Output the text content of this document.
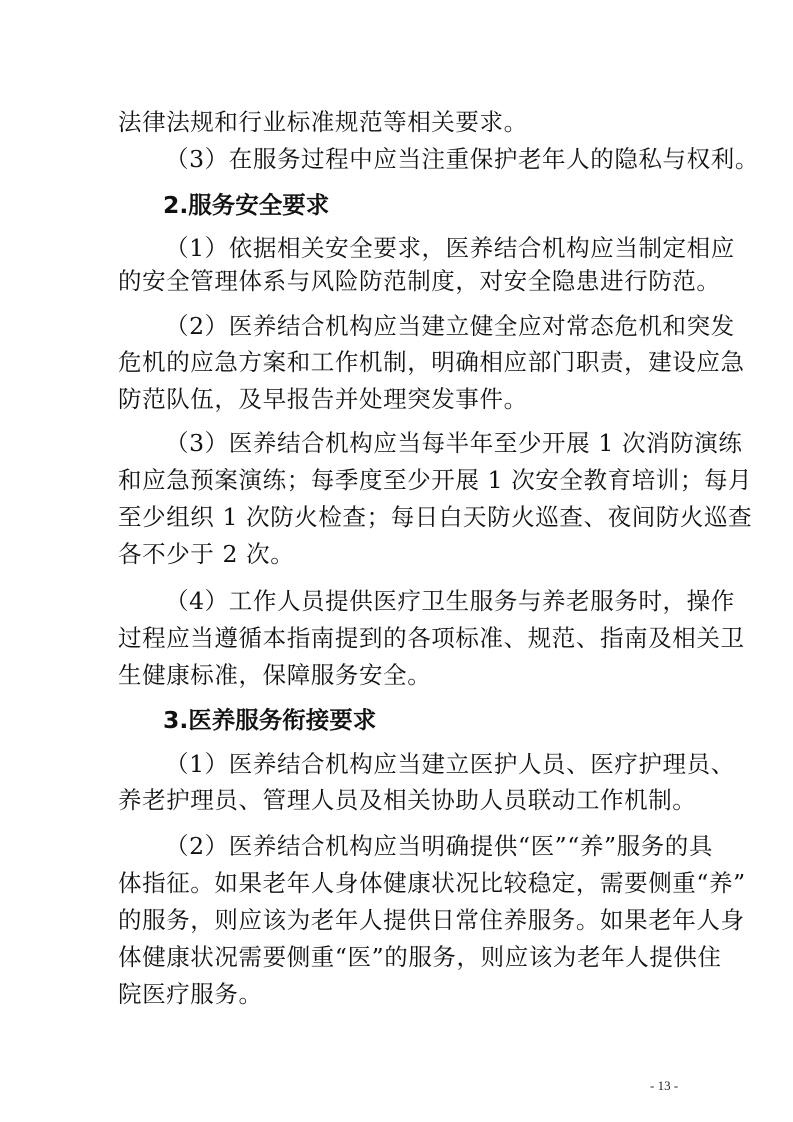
法律法规和行业标准规范等相关要求。
（3）在服务过程中应当注重保护老年人的隐私与权利。
2.服务安全要求
（1）依据相关安全要求，医养结合机构应当制定相应
的安全管理体系与风险防范制度，对安全隐患进行防范。
（2）医养结合机构应当建立健全应对常态危机和突发
危机的应急方案和工作机制，明确相应部门职责，建设应急
防范队伍，及早报告并处理突发事件。
（3）医养结合机构应当每半年至少开展 1 次消防演练
和应急预案演练；每季度至少开展 1 次安全教育培训；每月
至少组织 1 次防火检查；每日白天防火巡查、夜间防火巡查
各不少于 2 次。
（4）工作人员提供医疗卫生服务与养老服务时，操作
过程应当遵循本指南提到的各项标准、规范、指南及相关卫
生健康标准，保障服务安全。
3.医养服务衔接要求
（1）医养结合机构应当建立医护人员、医疗护理员、
养老护理员、管理人员及相关协助人员联动工作机制。
（2）医养结合机构应当明确提供“医”“养”服务的具
体指征。如果老年人身体健康状况比较稳定，需要侧重“养”
的服务，则应该为老年人提供日常住养服务。如果老年人身
体健康状况需要侧重“医”的服务，则应该为老年人提供住
院医疗服务。
- 13 -
